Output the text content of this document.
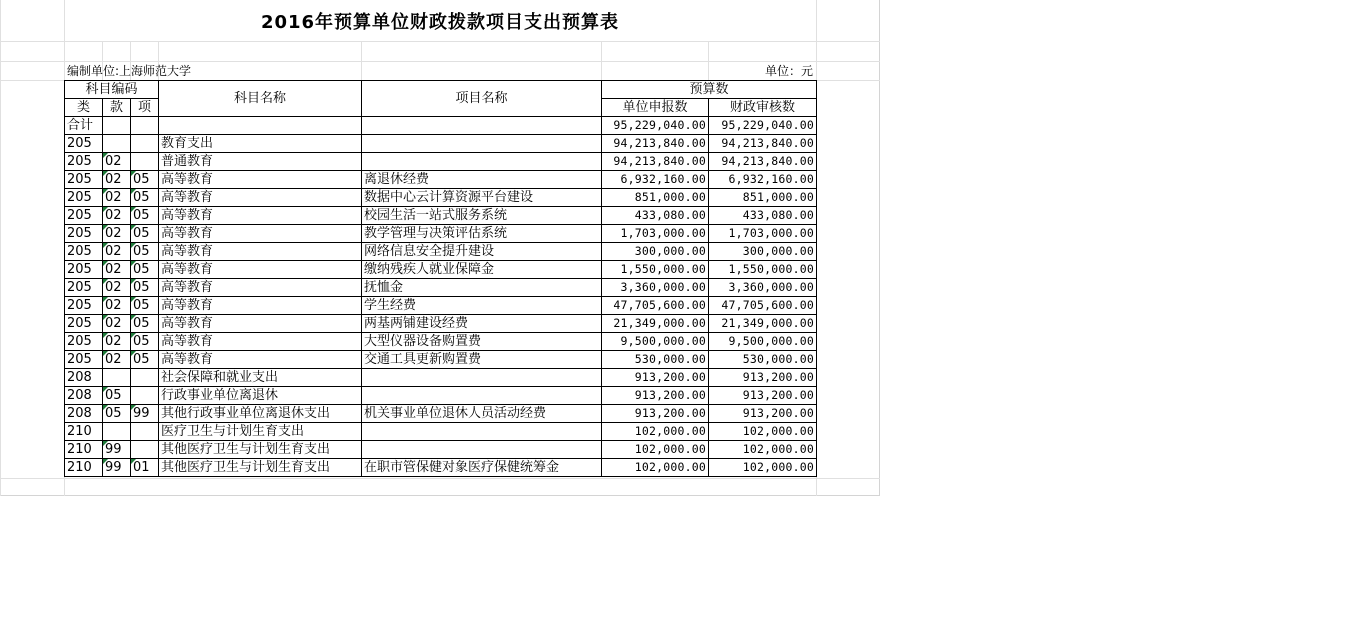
2016年预算单位财政拨款项目支出预算表
编制单位:上海师范大学	单位：元
科目编码			科目名称	项目名称	预算数	
类	款	项			单位申报数	财政审核数
合计					95,229,040.00	95,229,040.00
205			教育支出		94,213,840.00	94,213,840.00
205	02		普通教育		94,213,840.00	94,213,840.00
205	02	05	高等教育	离退休经费	6,932,160.00	6,932,160.00
205	02	05	高等教育	数据中心云计算资源平台建设	851,000.00	851,000.00
205	02	05	高等教育	校园生活一站式服务系统	433,080.00	433,080.00
205	02	05	高等教育	教学管理与决策评估系统	1,703,000.00	1,703,000.00
205	02	05	高等教育	网络信息安全提升建设	300,000.00	300,000.00
205	02	05	高等教育	缴纳残疾人就业保障金	1,550,000.00	1,550,000.00
205	02	05	高等教育	抚恤金	3,360,000.00	3,360,000.00
205	02	05	高等教育	学生经费	47,705,600.00	47,705,600.00
205	02	05	高等教育	两基两铺建设经费	21,349,000.00	21,349,000.00
205	02	05	高等教育	大型仪器设备购置费	9,500,000.00	9,500,000.00
205	02	05	高等教育	交通工具更新购置费	530,000.00	530,000.00
208			社会保障和就业支出		913,200.00	913,200.00
208	05		行政事业单位离退休		913,200.00	913,200.00
208	05	99	其他行政事业单位离退休支出	机关事业单位退休人员活动经费	913,200.00	913,200.00
210			医疗卫生与计划生育支出		102,000.00	102,000.00
210	99		其他医疗卫生与计划生育支出		102,000.00	102,000.00
210	99	01	其他医疗卫生与计划生育支出	在职市管保健对象医疗保健统筹金	102,000.00	102,000.00
